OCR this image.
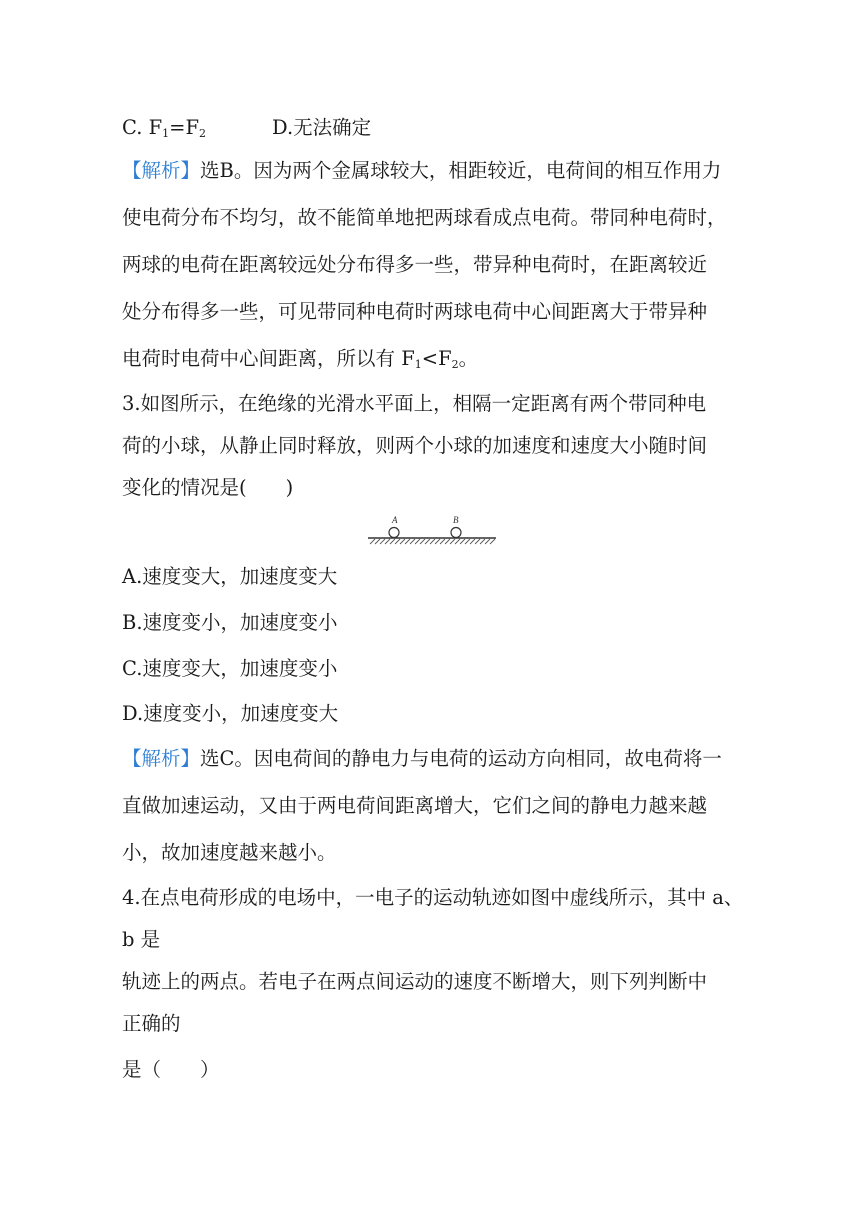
C. $F_1=F_2$	D.无法确定
【解析】选B。因为两个金属球较大，相距较近，电荷间的相互作用力
使电荷分布不均匀，故不能简单地把两球看成点电荷。带同种电荷时，
两球的电荷在距离较远处分布得多一些，带异种电荷时，在距离较近
处分布得多一些，可见带同种电荷时两球电荷中心间距离大于带异种
电荷时电荷中心间距离，所以有 $F_1<F_2$。
3.如图所示，在绝缘的光滑水平面上，相隔一定距离有两个带同种电
荷的小球，从静止同时释放，则两个小球的加速度和速度大小随时间
变化的情况是(　　)
A	B
A.速度变大，加速度变大
B.速度变小，加速度变小
C.速度变大，加速度变小
D.速度变小，加速度变大
【解析】选C。因电荷间的静电力与电荷的运动方向相同，故电荷将一
直做加速运动，又由于两电荷间距离增大，它们之间的静电力越来越
小，故加速度越来越小。
4.在点电荷形成的电场中，一电子的运动轨迹如图中虚线所示，其中 a、
b 是
轨迹上的两点。若电子在两点间运动的速度不断增大，则下列判断中
正确的
是（　　）
